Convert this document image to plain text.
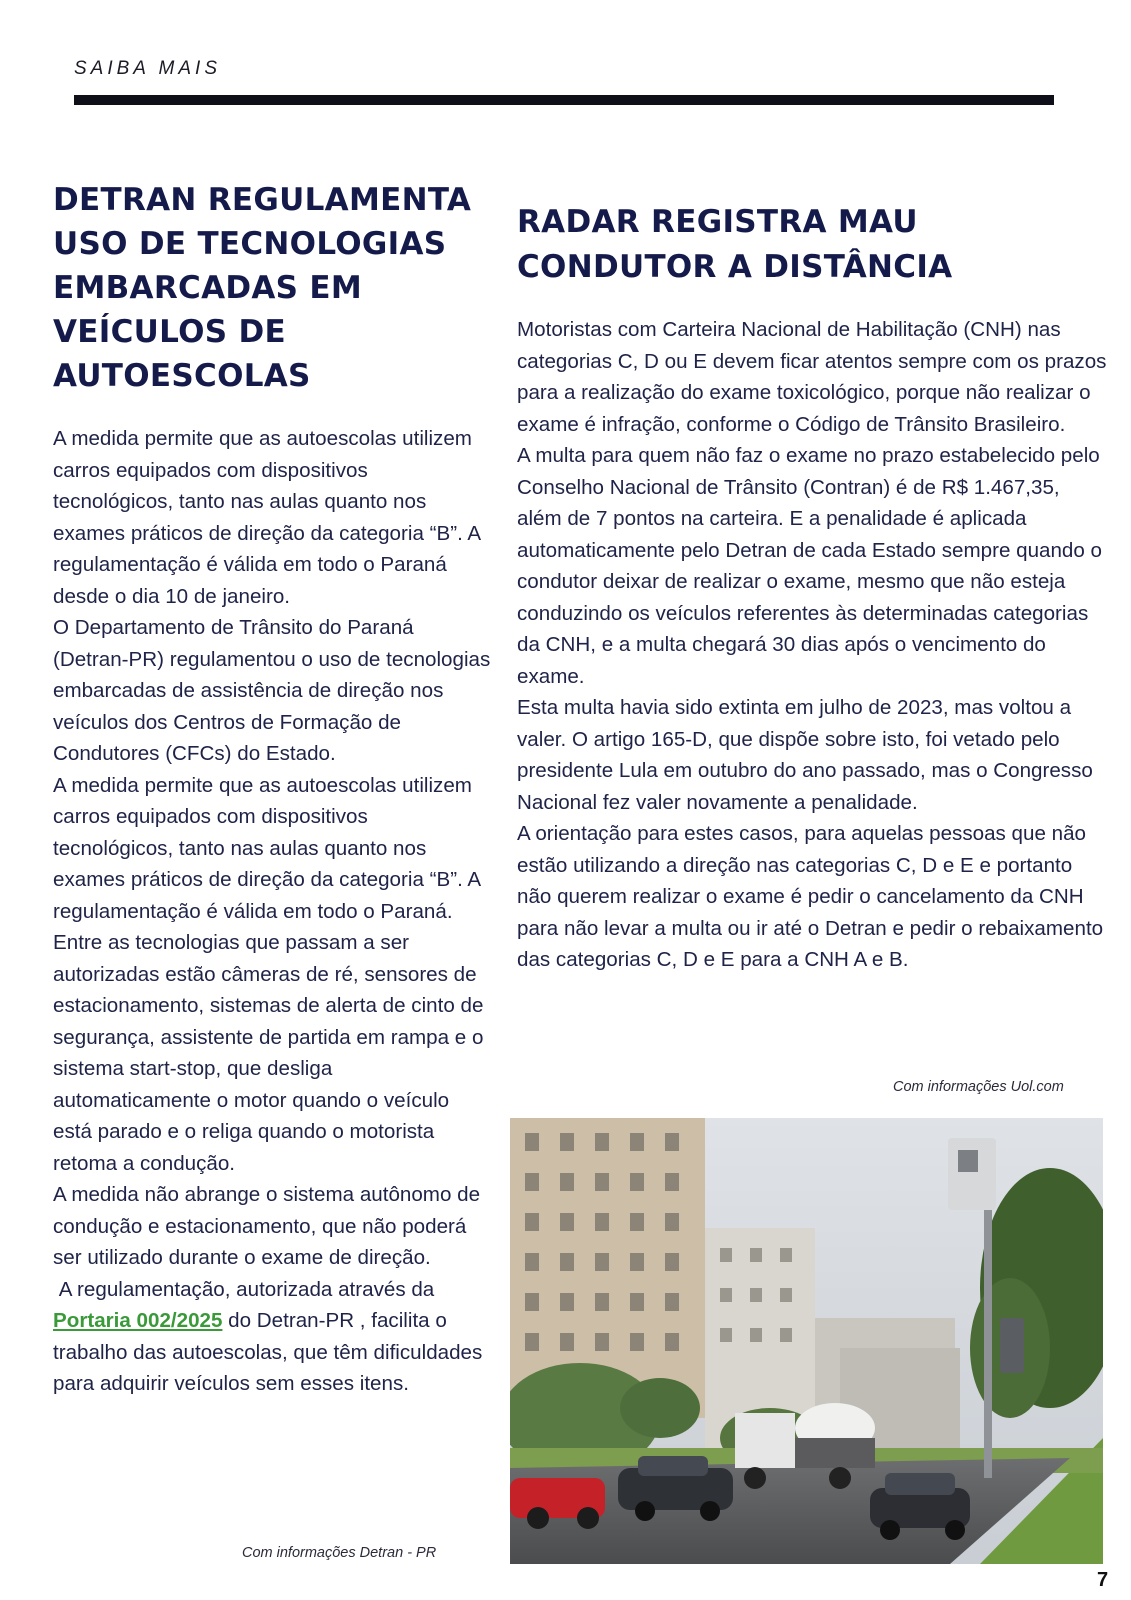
SAIBA MAIS
DETRAN REGULAMENTA USO DE TECNOLOGIAS EMBARCADAS EM VEÍCULOS DE AUTOESCOLAS

A medida permite que as autoescolas utilizem carros equipados com dispositivos tecnológicos, tanto nas aulas quanto nos exames práticos de direção da categoria “B”. A regulamentação é válida em todo o Paraná desde o dia 10 de janeiro.

O Departamento de Trânsito do Paraná (Detran-PR) regulamentou o uso de tecnologias embarcadas de assistência de direção nos veículos dos Centros de Formação de Condutores (CFCs) do Estado.

A medida permite que as autoescolas utilizem carros equipados com dispositivos tecnológicos, tanto nas aulas quanto nos exames práticos de direção da categoria “B”. A regulamentação é válida em todo o Paraná.

Entre as tecnologias que passam a ser autorizadas estão câmeras de ré, sensores de estacionamento, sistemas de alerta de cinto de segurança, assistente de partida em rampa e o sistema start-stop, que desliga automaticamente o motor quando o veículo está parado e o religa quando o motorista retoma a condução.

A medida não abrange o sistema autônomo de condução e estacionamento, que não poderá ser utilizado durante o exame de direção.

A regulamentação, autorizada através da Portaria 002/2025 do Detran-PR , facilita o trabalho das autoescolas, que têm dificuldades para adquirir veículos sem esses itens.

Com informações Detran - PR
RADAR REGISTRA MAU CONDUTOR A DISTÂNCIA

Motoristas com Carteira Nacional de Habilitação (CNH) nas categorias C, D ou E devem ficar atentos sempre com os prazos para a realização do exame toxicológico, porque não realizar o exame é infração, conforme o Código de Trânsito Brasileiro.

A multa para quem não faz o exame no prazo estabelecido pelo Conselho Nacional de Trânsito (Contran) é de R$ 1.467,35, além de 7 pontos na carteira. E a penalidade é aplicada automaticamente pelo Detran de cada Estado sempre quando o condutor deixar de realizar o exame, mesmo que não esteja conduzindo os veículos referentes às determinadas categorias da CNH, e a multa chegará 30 dias após o vencimento do exame.

Esta multa havia sido extinta em julho de 2023, mas voltou a valer. O artigo 165-D, que dispõe sobre isto, foi vetado pelo presidente Lula em outubro do ano passado, mas o Congresso Nacional fez valer novamente a penalidade.

A orientação para estes casos, para aquelas pessoas que não estão utilizando a direção nas categorias C, D e E e portanto não querem realizar o exame é pedir o cancelamento da CNH para não levar a multa ou ir até o Detran e pedir o rebaixamento das categorias C, D e E para a CNH A e B.

Com informações Uol.com
7
